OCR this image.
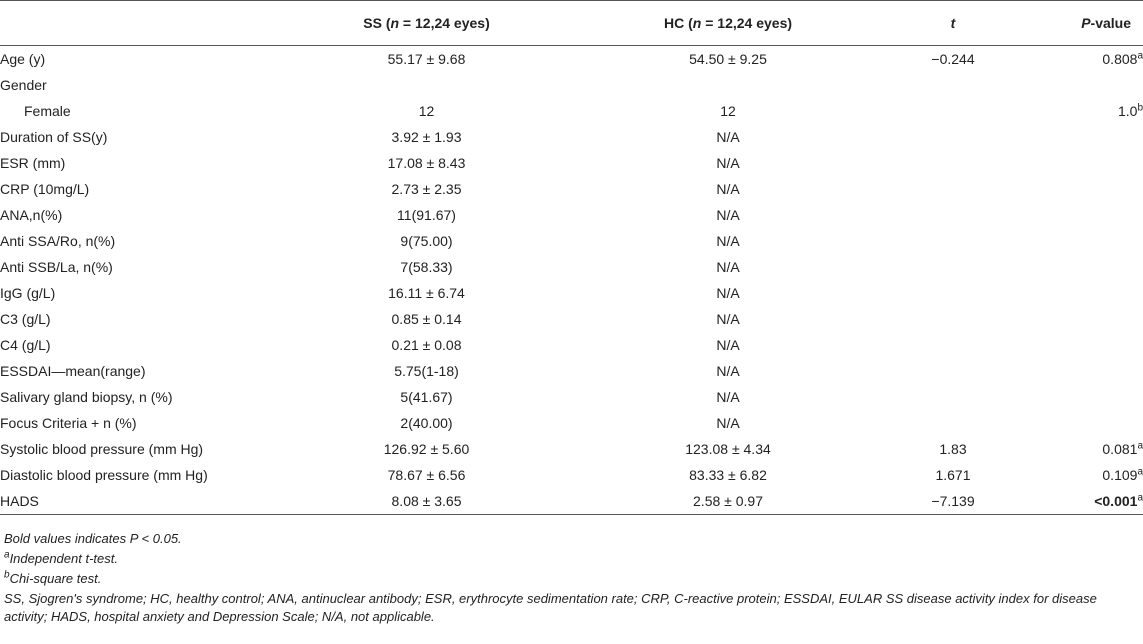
	SS (n = 12,24 eyes)	HC (n = 12,24 eyes)	t	P-value
Age (y)	55.17 ± 9.68	54.50 ± 9.25	−0.244	0.808$^a$
Gender				
Female	12	12		1.0$^b$
Duration of SS(y)	3.92 ± 1.93	N/A		
ESR (mm)	17.08 ± 8.43	N/A		
CRP (10mg/L)	2.73 ± 2.35	N/A		
ANA,n(%)	11(91.67)	N/A		
Anti SSA/Ro, n(%)	9(75.00)	N/A		
Anti SSB/La, n(%)	7(58.33)	N/A		
IgG (g/L)	16.11 ± 6.74	N/A		
C3 (g/L)	0.85 ± 0.14	N/A		
C4 (g/L)	0.21 ± 0.08	N/A		
ESSDAI—mean(range)	5.75(1-18)	N/A		
Salivary gland biopsy, n (%)	5(41.67)	N/A		
Focus Criteria + n (%)	2(40.00)	N/A		
Systolic blood pressure (mm Hg)	126.92 ± 5.60	123.08 ± 4.34	1.83	0.081$^a$
Diastolic blood pressure (mm Hg)	78.67 ± 6.56	83.33 ± 6.82	1.671	0.109$^a$
HADS	8.08 ± 3.65	2.58 ± 0.97	−7.139	<0.001$^a$

Bold values indicates P < 0.05.

$^a$Independent t-test.

$^b$Chi-square test.

SS, Sjogren's syndrome; HC, healthy control; ANA, antinuclear antibody; ESR, erythrocyte sedimentation rate; CRP, C-reactive protein; ESSDAI, EULAR SS disease activity index for disease activity; HADS, hospital anxiety and Depression Scale; N/A, not applicable.
